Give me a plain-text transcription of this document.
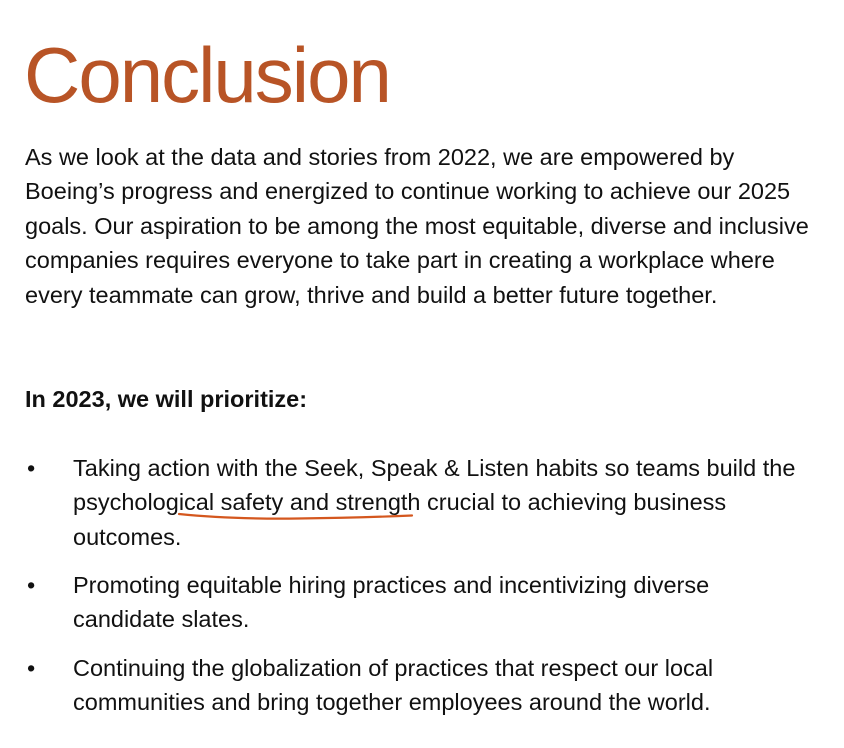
Conclusion

As we look at the data and stories from 2022, we are empowered by Boeing’s progress and energized to continue working to achieve our 2025 goals. Our aspiration to be among the most equitable, diverse and inclusive companies requires everyone to take part in creating a workplace where every teammate can grow, thrive and build a better future together.

In 2023, we will prioritize:

• Taking action with the Seek, Speak & Listen habits so teams build the psychological safety and strength crucial to achieving business outcomes.

• Promoting equitable hiring practices and incentivizing diverse candidate slates.

• Continuing the globalization of practices that respect our local communities and bring together employees around the world.
